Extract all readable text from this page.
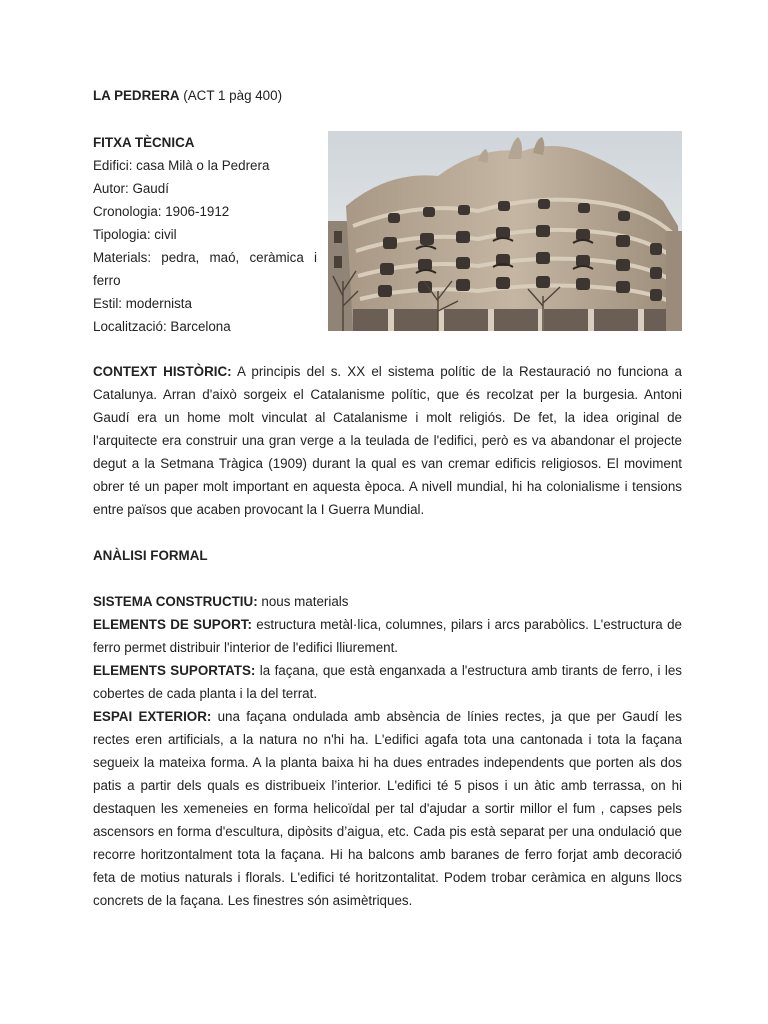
LA PEDRERA (ACT 1 pàg 400)

FITXA TÈCNICA

Edifici: casa Milà o la Pedrera

Autor: Gaudí

Cronologia: 1906-1912

Tipologia: civil

Materials: pedra, maó, ceràmica i ferro

Estil: modernista

Localització: Barcelona

CONTEXT HISTÒRIC: A principis del s. XX el sistema polític de la Restauració no funciona a Catalunya. Arran d'això sorgeix el Catalanisme polític, que és recolzat per la burgesia. Antoni Gaudí era un home molt vinculat al Catalanisme i molt religiós. De fet, la idea original de l'arquitecte era construir una gran verge a la teulada de l'edifici, però es va abandonar el projecte degut a la Setmana Tràgica (1909) durant la qual es van cremar edificis religiosos. El moviment obrer té un paper molt important en aquesta època. A nivell mundial, hi ha colonialisme i tensions entre països que acaben provocant la I Guerra Mundial.

ANÀLISI FORMAL

SISTEMA CONSTRUCTIU: nous materials

ELEMENTS DE SUPORT: estructura metàl·lica, columnes, pilars i arcs parabòlics. L'estructura de ferro permet distribuir l'interior de l'edifici lliurement.

ELEMENTS SUPORTATS: la façana, que està enganxada a l'estructura amb tirants de ferro, i les cobertes de cada planta i la del terrat.

ESPAI EXTERIOR: una façana ondulada amb absència de línies rectes, ja que per Gaudí les rectes eren artificials, a la natura no n'hi ha. L'edifici agafa tota una cantonada i tota la façana segueix la mateixa forma. A la planta baixa hi ha dues entrades independents que porten als dos patis a partir dels quals es distribueix l’interior. L'edifici té 5 pisos i un àtic amb terrassa, on hi destaquen les xemeneies en forma helicoïdal per tal d'ajudar a sortir millor el fum , capses pels ascensors en forma d'escultura, dipòsits d’aigua, etc. Cada pis està separat per una ondulació que recorre horitzontalment tota la façana. Hi ha balcons amb baranes de ferro forjat amb decoració feta de motius naturals i florals. L'edifici té horitzontalitat. Podem trobar ceràmica en alguns llocs concrets de la façana. Les finestres són asimètriques.
